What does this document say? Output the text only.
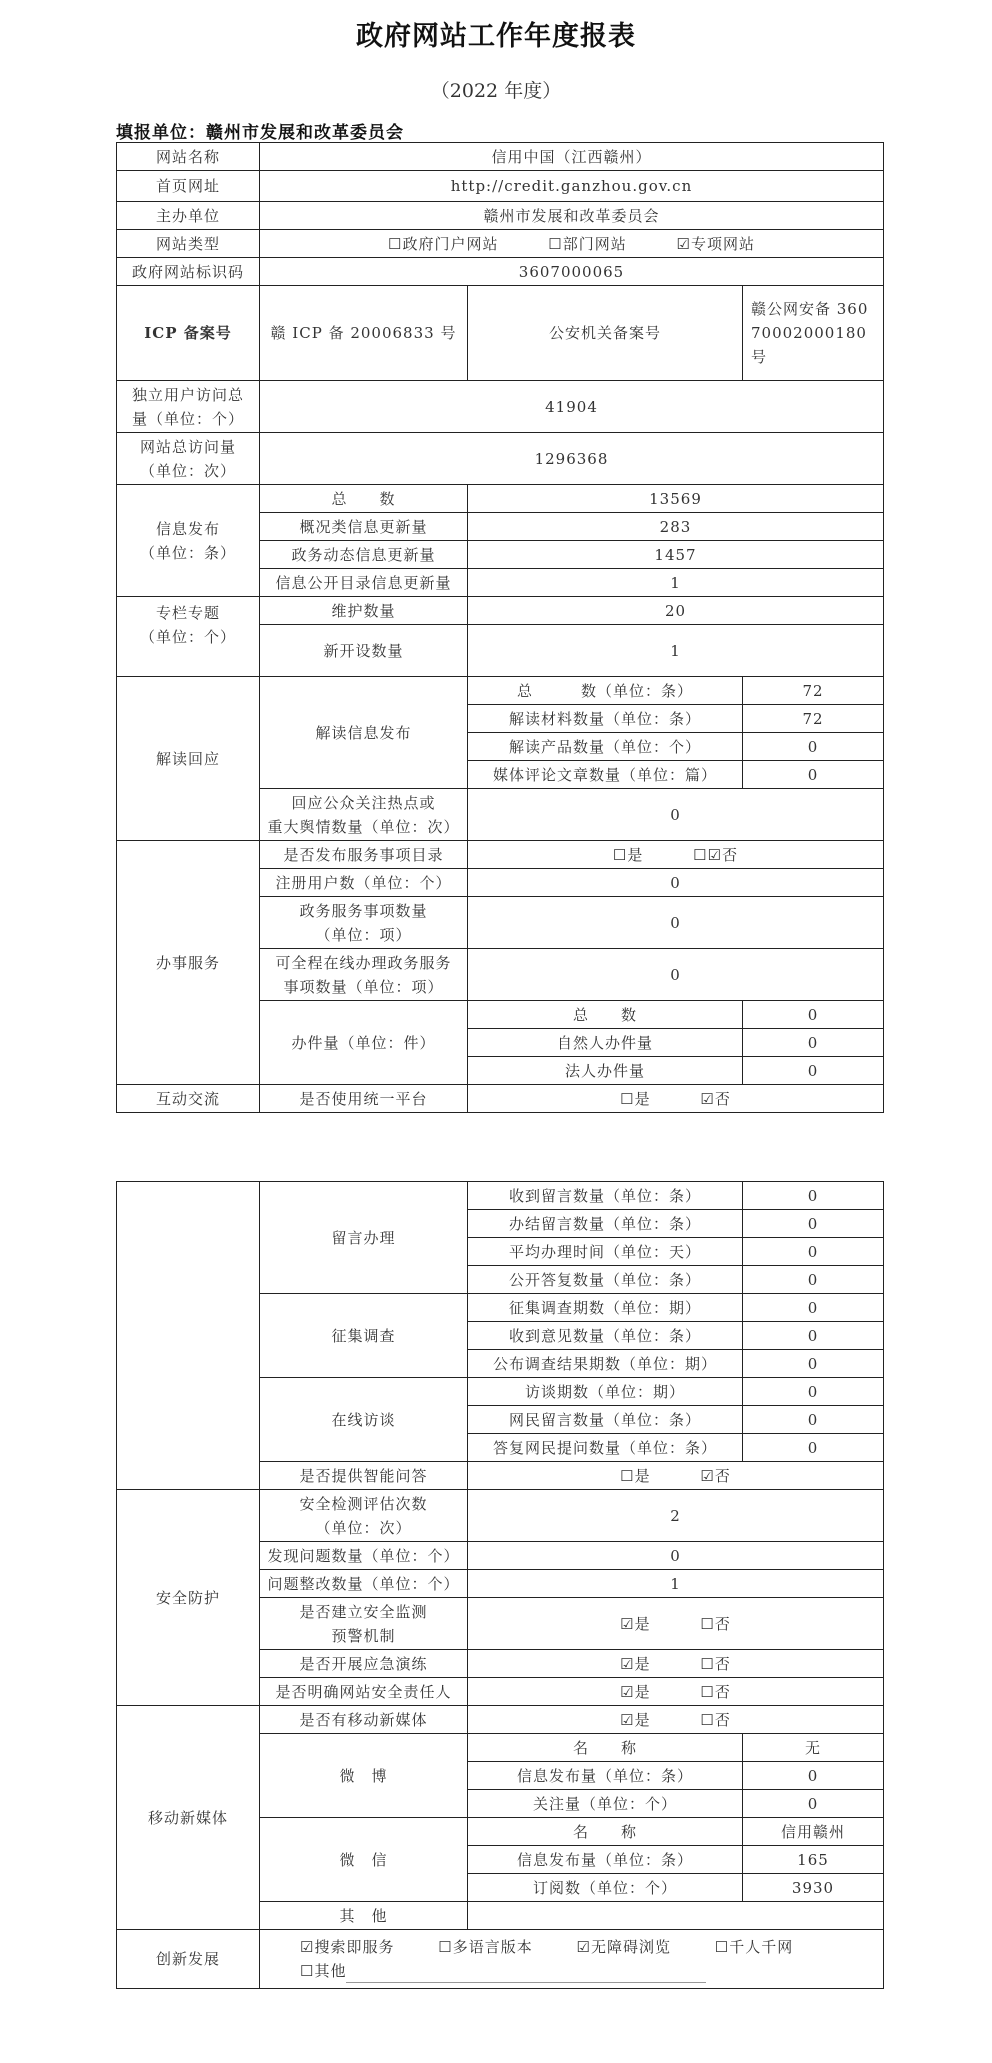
政府网站工作年度报表
（2022 年度）
填报单位：赣州市发展和改革委员会
网站名称	信用中国（江西赣州）		
首页网址	http://credit.ganzhou.gov.cn		
主办单位	赣州市发展和改革委员会		
网站类型	☐政府门户网站 ☐部门网站 ☑专项网站		
政府网站标识码	3607000065		
ICP 备案号	赣 ICP 备 20006833 号	公安机关备案号	赣公网安备 36070002000180 号
独立用户访问总
量（单位：个）	41904		
网站总访问量
（单位：次）	1296368		
信息发布
（单位：条）	总　　数	13569	
	概况类信息更新量	283	
	政务动态信息更新量	1457	
	信息公开目录信息更新量	1	
专栏专题
（单位：个）	维护数量	20	
	新开设数量	1	
解读回应	解读信息发布	总　　　数（单位：条）	72
		解读材料数量（单位：条）	72
		解读产品数量（单位：个）	0
		媒体评论文章数量（单位：篇）	0
	回应公众关注热点或
重大舆情数量（单位：次）	0	
办事服务	是否发布服务事项目录	☐是 ☐☑否	
	注册用户数（单位：个）	0	
	政务服务事项数量
（单位：项）	0	
	可全程在线办理政务服务
事项数量（单位：项）	0	
	办件量（单位：件）	总　　数	0
		自然人办件量	0
		法人办件量	0
互动交流	是否使用统一平台	☐是 ☑否	
	留言办理	收到留言数量（单位：条）	0
		办结留言数量（单位：条）	0
		平均办理时间（单位：天）	0
		公开答复数量（单位：条）	0
	征集调查	征集调查期数（单位：期）	0
		收到意见数量（单位：条）	0
		公布调查结果期数（单位：期）	0
	在线访谈	访谈期数（单位：期）	0
		网民留言数量（单位：条）	0
		答复网民提问数量（单位：条）	0
	是否提供智能问答	☐是 ☑否	
安全防护	安全检测评估次数
（单位：次）	2	
	发现问题数量（单位：个）	0	
	问题整改数量（单位：个）	1	
	是否建立安全监测
预警机制	☑是 ☐否	
	是否开展应急演练	☑是 ☐否	
	是否明确网站安全责任人	☑是 ☐否	
移动新媒体	是否有移动新媒体	☑是 ☐否	
	微　博	名　　称	无
		信息发布量（单位：条）	0
		关注量（单位：个）	0
	微　信	名　　称	信用赣州
		信息发布量（单位：条）	165
		订阅数（单位：个）	3930
	其　他		
创新发展	☑搜索即服务 ☐多语言版本 ☑无障碍浏览 ☐千人千网
☐其他		
